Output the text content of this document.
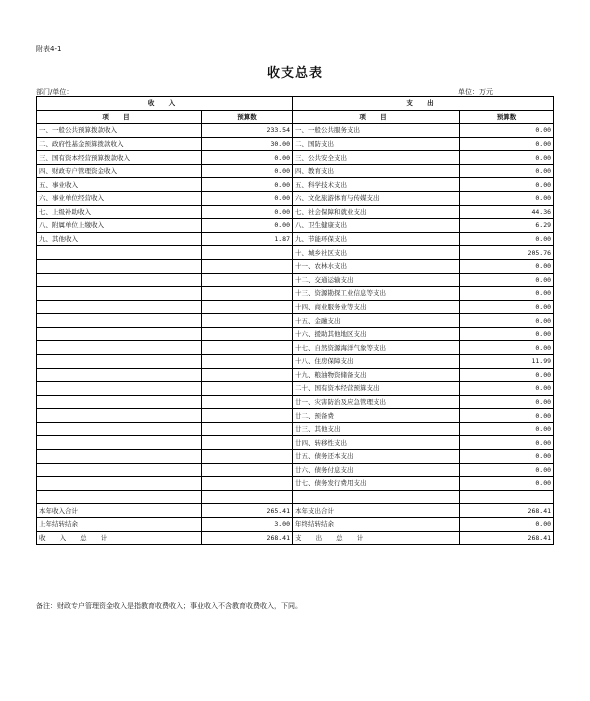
附表4-1
收支总表
部门/单位：	单位：万元
收 入		支 出	
项 目	预算数	项 目	预算数
一、一般公共预算拨款收入	233.54	一、一般公共服务支出	0.00
二、政府性基金预算拨款收入	30.00	二、国防支出	0.00
三、国有资本经营预算拨款收入	0.00	三、公共安全支出	0.00
四、财政专户管理资金收入	0.00	四、教育支出	0.00
五、事业收入	0.00	五、科学技术支出	0.00
六、事业单位经营收入	0.00	六、文化旅游体育与传媒支出	0.00
七、上级补助收入	0.00	七、社会保障和就业支出	44.36
八、附属单位上缴收入	0.00	八、卫生健康支出	6.29
九、其他收入	1.87	九、节能环保支出	0.00
		十、城乡社区支出	205.76
		十一、农林水支出	0.00
		十二、交通运输支出	0.00
		十三、资源勘探工业信息等支出	0.00
		十四、商业服务业等支出	0.00
		十五、金融支出	0.00
		十六、援助其他地区支出	0.00
		十七、自然资源海洋气象等支出	0.00
		十八、住房保障支出	11.99
		十九、粮油物资储备支出	0.00
		二十、国有资本经营预算支出	0.00
		廿一、灾害防治及应急管理支出	0.00
		廿二、预备费	0.00
		廿三、其他支出	0.00
		廿四、转移性支出	0.00
		廿五、债务还本支出	0.00
		廿六、债务付息支出	0.00
		廿七、债务发行费用支出	0.00

本年收入合计	265.41	本年支出合计	268.41
上年结转结余	3.00	年终结转结余	0.00
收 入 总 计	268.41	支 出 总 计	268.41
备注：财政专户管理资金收入是指教育收费收入；事业收入不含教育收费收入，下同。
